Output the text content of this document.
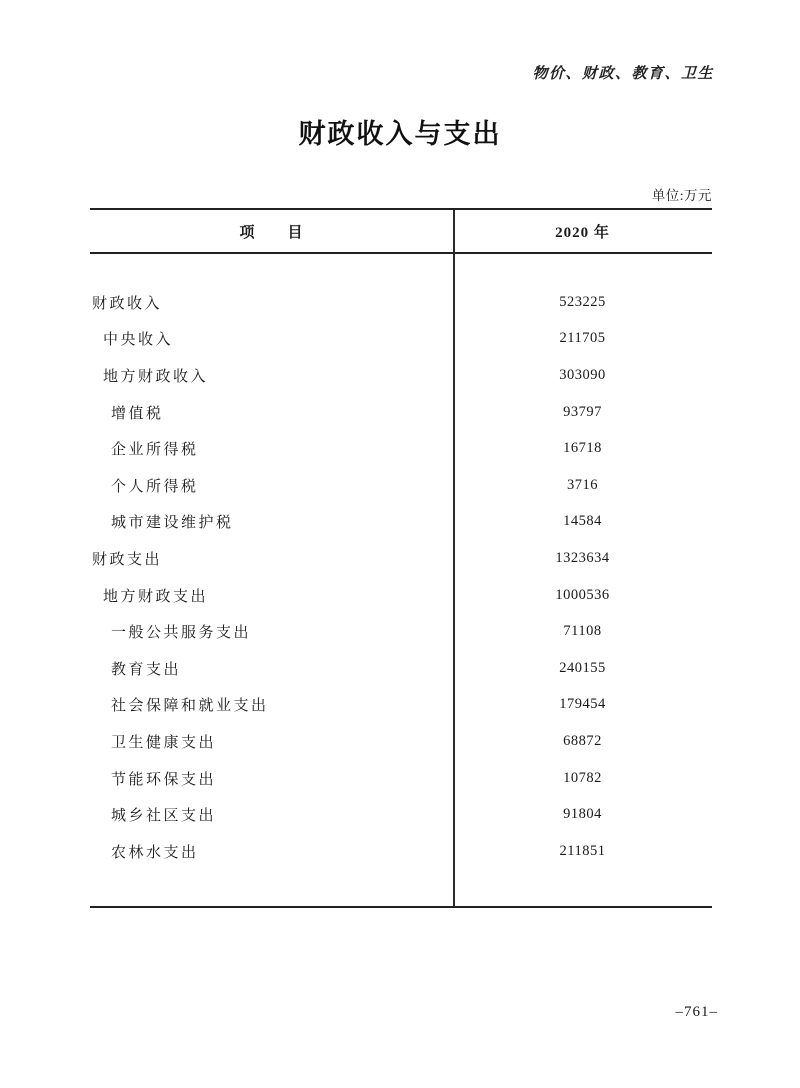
物价、财政、教育、卫生
财政收入与支出
单位:万元
项　　目	2020 年
财政收入	523225
中央收入	211705
地方财政收入	303090
增值税	93797
企业所得税	16718
个人所得税	3716
城市建设维护税	14584
财政支出	1323634
地方财政支出	1000536
一般公共服务支出	71108
教育支出	240155
社会保障和就业支出	179454
卫生健康支出	68872
节能环保支出	10782
城乡社区支出	91804
农林水支出	211851
–761–
